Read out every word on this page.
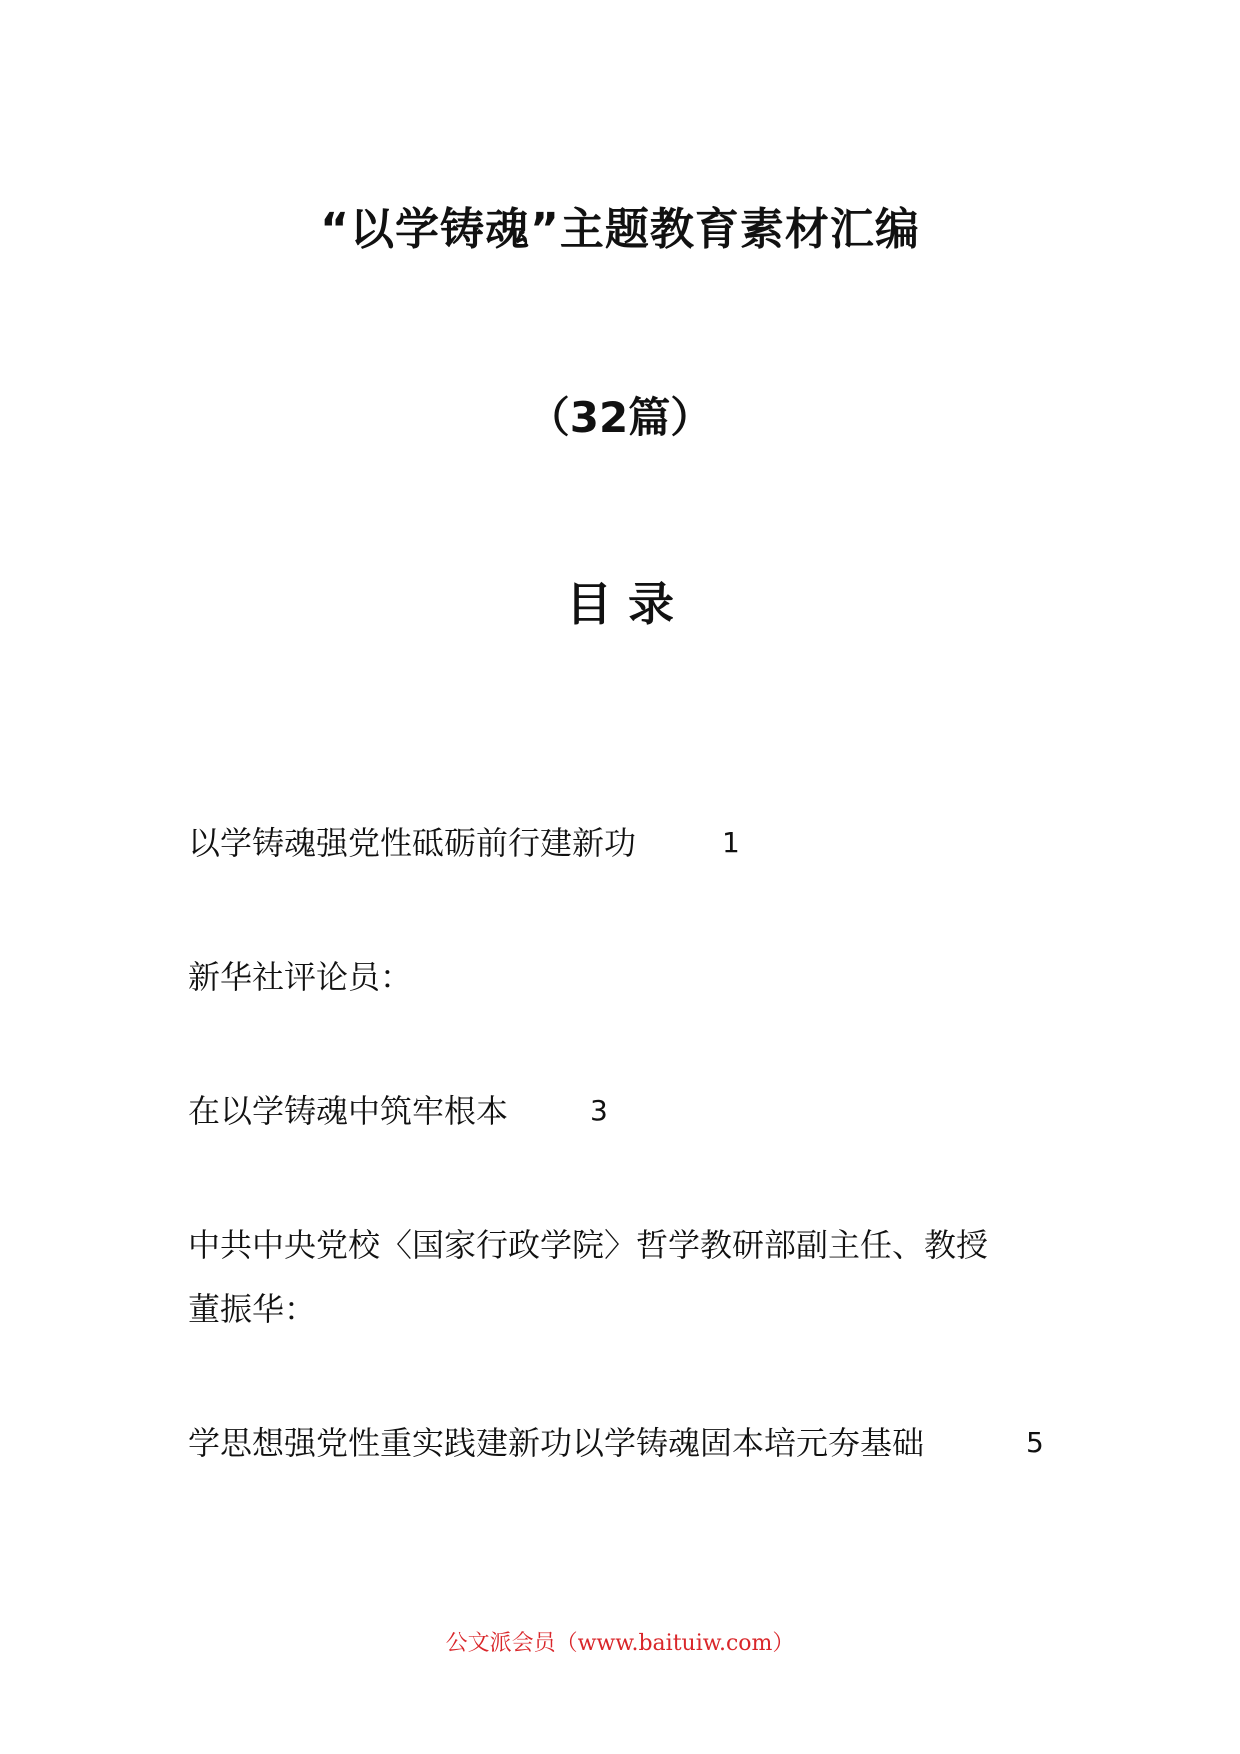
“以学铸魂”主题教育素材汇编
（32篇）
目录
以学铸魂强党性砥砺前行建新功	1
新华社评论员：
在以学铸魂中筑牢根本	3
中共中央党校〈国家行政学院〉哲学教研部副主任、教授
董振华：
学思想强党性重实践建新功以学铸魂固本培元夯基础	5
公文派会员（www.baituiw.com）
